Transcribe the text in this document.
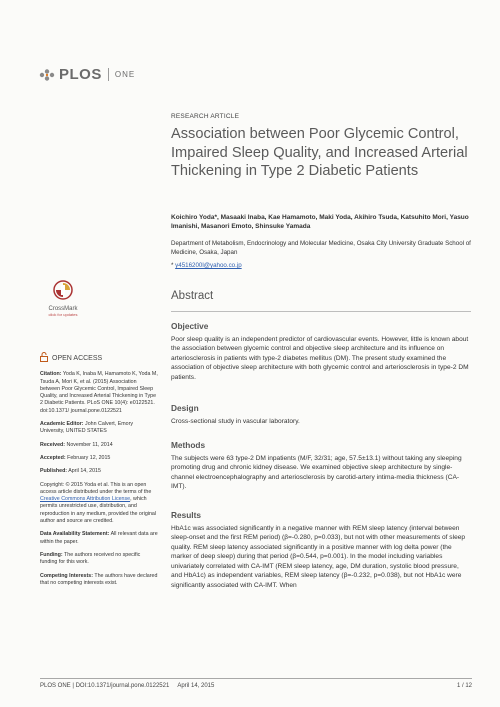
PLOS ONE
CrossMark
click for updates
OPEN ACCESS
Citation: Yoda K, Inaba M, Hamamoto K, Yoda M, Tsuda A, Mori K, et al. (2015) Association between Poor Glycemic Control, Impaired Sleep Quality, and Increased Arterial Thickening in Type 2 Diabetic Patients. PLoS ONE 10(4): e0122521. doi:10.1371/ journal.pone.0122521
Academic Editor: John Calvert, Emory University, UNITED STATES
Received: November 11, 2014
Accepted: February 12, 2015
Published: April 14, 2015
Copyright: © 2015 Yoda et al. This is an open access article distributed under the terms of the Creative Commons Attribution License, which permits unrestricted use, distribution, and reproduction in any medium, provided the original author and source are credited.
Data Availability Statement: All relevant data are within the paper.
Funding: The authors received no specific funding for this work.
Competing Interests: The authors have declared that no competing interests exist.
RESEARCH ARTICLE
Association between Poor Glycemic Control, Impaired Sleep Quality, and Increased Arterial Thickening in Type 2 Diabetic Patients
Koichiro Yoda*, Masaaki Inaba, Kae Hamamoto, Maki Yoda, Akihiro Tsuda, Katsuhito Mori, Yasuo Imanishi, Masanori Emoto, Shinsuke Yamada
Department of Metabolism, Endocrinology and Molecular Medicine, Osaka City University Graduate School of Medicine, Osaka, Japan
* y4516200l@yahoo.co.jp
Abstract
Objective

Poor sleep quality is an independent predictor of cardiovascular events. However, little is known about the association between glycemic control and objective sleep architecture and its influence on arteriosclerosis in patients with type-2 diabetes mellitus (DM). The present study examined the association of objective sleep architecture with both glycemic control and arteriosclerosis in type-2 DM patients.

Design

Cross-sectional study in vascular laboratory.

Methods

The subjects were 63 type-2 DM inpatients (M/F, 32/31; age, 57.5±13.1) without taking any sleeping promoting drug and chronic kidney disease. We examined objective sleep architecture by single-channel electroencephalography and arteriosclerosis by carotid-artery intima-media thickness (CA-IMT).

Results

HbA1c was associated significantly in a negative manner with REM sleep latency (interval between sleep-onset and the first REM period) (β=-0.280, p=0.033), but not with other measurements of sleep quality. REM sleep latency associated significantly in a positive manner with log delta power (the marker of deep sleep) during that period (β=0.544, p=0.001). In the model including variables univariately correlated with CA-IMT (REM sleep latency, age, DM duration, systolic blood pressure, and HbA1c) as independent variables, REM sleep latency (β=-0.232, p=0.038), but not HbA1c were significantly associated with CA-IMT. When

PLOS ONE | DOI:10.1371/journal.pone.0122521 April 14, 2015	1 / 12
